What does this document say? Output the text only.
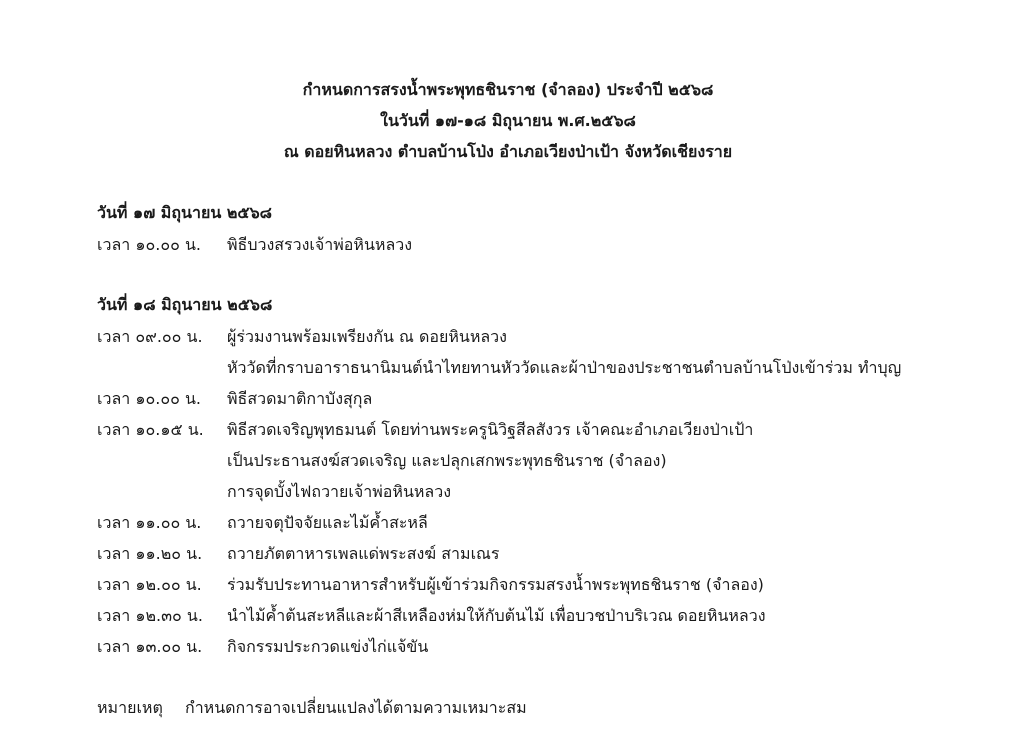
กำหนดการสรงน้ำพระพุทธชินราช (จำลอง) ประจำปี ๒๕๖๘
ในวันที่ ๑๗-๑๘ มิถุนายน พ.ศ.๒๕๖๘
ณ ดอยหินหลวง ตำบลบ้านโป่ง อำเภอเวียงป่าเป้า จังหวัดเชียงราย
วันที่ ๑๗ มิถุนายน ๒๕๖๘
เวลา ๑๐.๐๐ น.	พิธีบวงสรวงเจ้าพ่อหินหลวง
วันที่ ๑๘ มิถุนายน ๒๕๖๘
เวลา ๐๙.๐๐ น.	ผู้ร่วมงานพร้อมเพรียงกัน ณ ดอยหินหลวง
หัววัดที่กราบอาราธนานิมนต์นำไทยทานหัววัดและผ้าป่าของประชาชนตำบลบ้านโป่งเข้าร่วม ทำบุญ
เวลา ๑๐.๐๐ น.	พิธีสวดมาติกาบังสุกุล
เวลา ๑๐.๑๕ น.	พิธีสวดเจริญพุทธมนต์ โดยท่านพระครูนิวิฐสีลสังวร เจ้าคณะอำเภอเวียงป่าเป้า
เป็นประธานสงฆ์สวดเจริญ และปลุกเสกพระพุทธชินราช (จำลอง)
การจุดบั้งไฟถวายเจ้าพ่อหินหลวง
เวลา ๑๑.๐๐ น.	ถวายจตุปัจจัยและไม้ค้ำสะหลี
เวลา ๑๑.๒๐ น.	ถวายภัตตาหารเพลแด่พระสงฆ์ สามเณร
เวลา ๑๒.๐๐ น.	ร่วมรับประทานอาหารสำหรับผู้เข้าร่วมกิจกรรมสรงน้ำพระพุทธชินราช (จำลอง)
เวลา ๑๒.๓๐ น.	นำไม้ค้ำต้นสะหลีและผ้าสีเหลืองห่มให้กับต้นไม้ เพื่อบวชป่าบริเวณ ดอยหินหลวง
เวลา ๑๓.๐๐ น.	กิจกรรมประกวดแข่งไก่แจ้ขัน
หมายเหตุ กำหนดการอาจเปลี่ยนแปลงได้ตามความเหมาะสม
